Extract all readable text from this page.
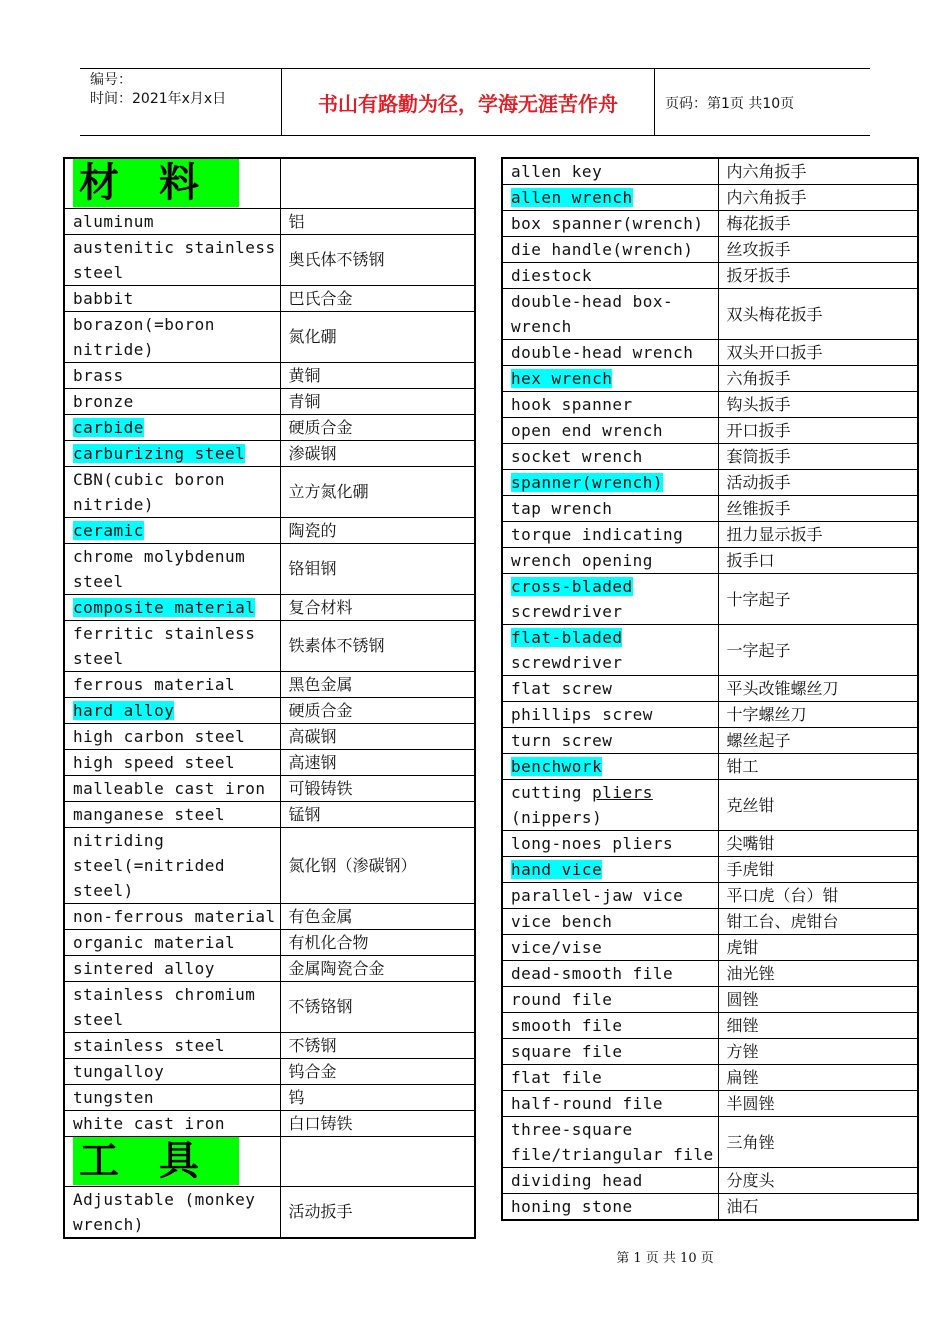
编号：
时间：2021年x月x日	书山有路勤为径，学海无涯苦作舟	页码：第1页 共10页
材料	
aluminum	铝
austenitic stainless steel	奥氏体不锈钢
babbit	巴氏合金
borazon(=boron nitride)	氮化硼
brass	黄铜
bronze	青铜
carbide	硬质合金
carburizing steel	渗碳钢
CBN(cubic boron nitride)	立方氮化硼
ceramic	陶瓷的
chrome molybdenum steel	铬钼钢
composite material	复合材料
ferritic stainless steel	铁素体不锈钢
ferrous material	黑色金属
hard alloy	硬质合金
high carbon steel	高碳钢
high speed steel	高速钢
malleable cast iron	可锻铸铁
manganese steel	锰钢
nitriding steel(=nitrided steel)	氮化钢（渗碳钢）
non-ferrous material	有色金属
organic material	有机化合物
sintered alloy	金属陶瓷合金
stainless chromium steel	不锈铬钢
stainless steel	不锈钢
tungalloy	钨合金
tungsten	钨
white cast iron	白口铸铁
工具	
Adjustable (monkey wrench)	活动扳手
allen key	内六角扳手
allen wrench	内六角扳手
box spanner(wrench)	梅花扳手
die handle(wrench)	丝攻扳手
diestock	扳牙扳手
double-head box-wrench	双头梅花扳手
double-head wrench	双头开口扳手
hex wrench	六角扳手
hook spanner	钩头扳手
open end wrench	开口扳手
socket wrench	套筒扳手
spanner(wrench)	活动扳手
tap wrench	丝锥扳手
torque indicating	扭力显示扳手
wrench opening	扳手口
cross-bladed
screwdriver	十字起子
flat-bladed
screwdriver	一字起子
flat screw	平头改锥螺丝刀
phillips screw	十字螺丝刀
turn screw	螺丝起子
benchwork	钳工
cutting pliers
(nippers)	克丝钳
long-noes pliers	尖嘴钳
hand vice	手虎钳
parallel-jaw vice	平口虎（台）钳
vice bench	钳工台、虎钳台
vice/vise	虎钳
dead-smooth file	油光锉
round file	圆锉
smooth file	细锉
square file	方锉
flat file	扁锉
half-round file	半圆锉
three-square file/triangular file	三角锉
dividing head	分度头
honing stone	油石
第 1 页 共 10 页
